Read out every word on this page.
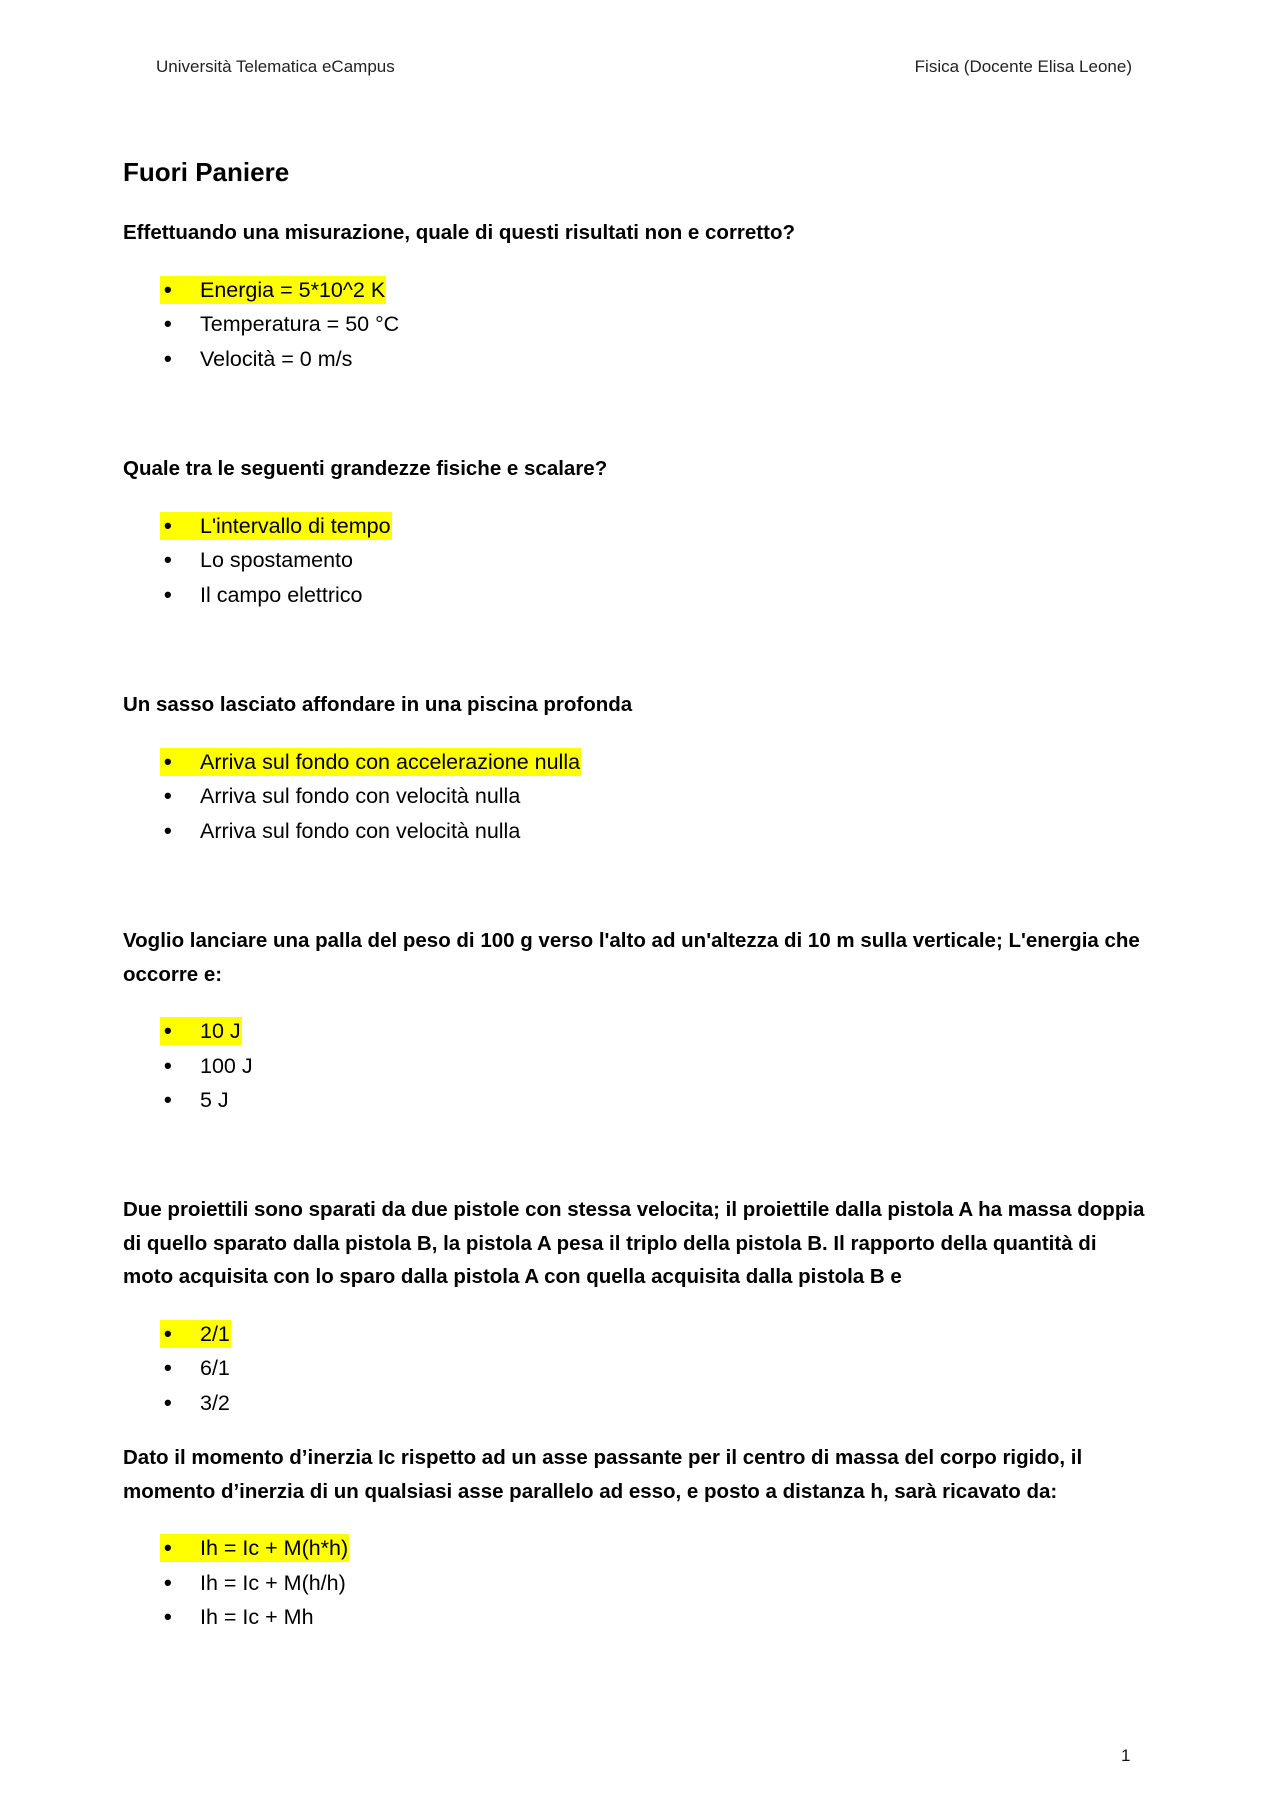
Università Telematica eCampus	Fisica (Docente Elisa Leone)
Fuori Paniere

Effettuando una misurazione, quale di questi risultati non e corretto?

• Energia = 5*10^2 K
• Temperatura = 50 °C
• Velocità = 0 m/s

Quale tra le seguenti grandezze fisiche e scalare?

• L'intervallo di tempo
• Lo spostamento
• Il campo elettrico

Un sasso lasciato affondare in una piscina profonda

• Arriva sul fondo con accelerazione nulla
• Arriva sul fondo con velocità nulla
• Arriva sul fondo con velocità nulla

Voglio lanciare una palla del peso di 100 g verso l'alto ad un'altezza di 10 m sulla verticale; L'energia che
occorre e:

• 10 J
• 100 J
• 5 J

Due proiettili sono sparati da due pistole con stessa velocita; il proiettile dalla pistola A ha massa doppia
di quello sparato dalla pistola B, la pistola A pesa il triplo della pistola B. Il rapporto della quantità di
moto acquisita con lo sparo dalla pistola A con quella acquisita dalla pistola B e

• 2/1
• 6/1
• 3/2

Dato il momento d’inerzia Ic rispetto ad un asse passante per il centro di massa del corpo rigido, il
momento d’inerzia di un qualsiasi asse parallelo ad esso, e posto a distanza h, sarà ricavato da:

• Ih = Ic + M(h*h)
• Ih = Ic + M(h/h)
• Ih = Ic + Mh
1
